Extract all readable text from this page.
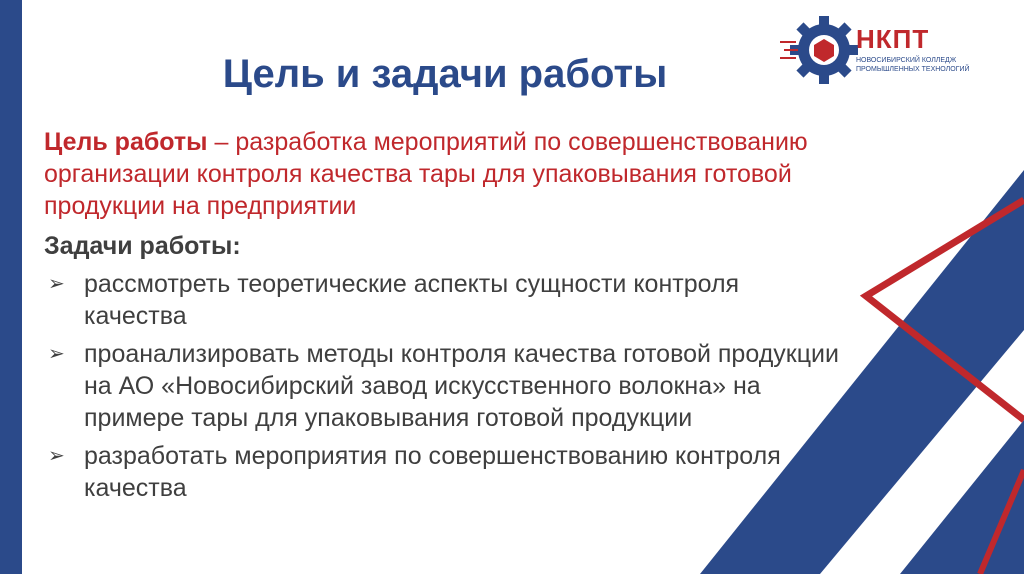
НКПТ
НОВОСИБИРСКИЙ КОЛЛЕДЖ ПРОМЫШЛЕННЫХ ТЕХНОЛОГИЙ
Цель и задачи работы

Цель работы – разработка мероприятий по совершенствованию организации контроля качества тары для упаковывания готовой продукции на предприятии

Задачи работы:
➢ рассмотреть теоретические аспекты сущности контроля качества
➢ проанализировать методы контроля качества готовой продукции на АО «Новосибирский завод искусственного волокна» на примере тары для упаковывания готовой продукции
➢ разработать мероприятия по совершенствованию контроля качества
